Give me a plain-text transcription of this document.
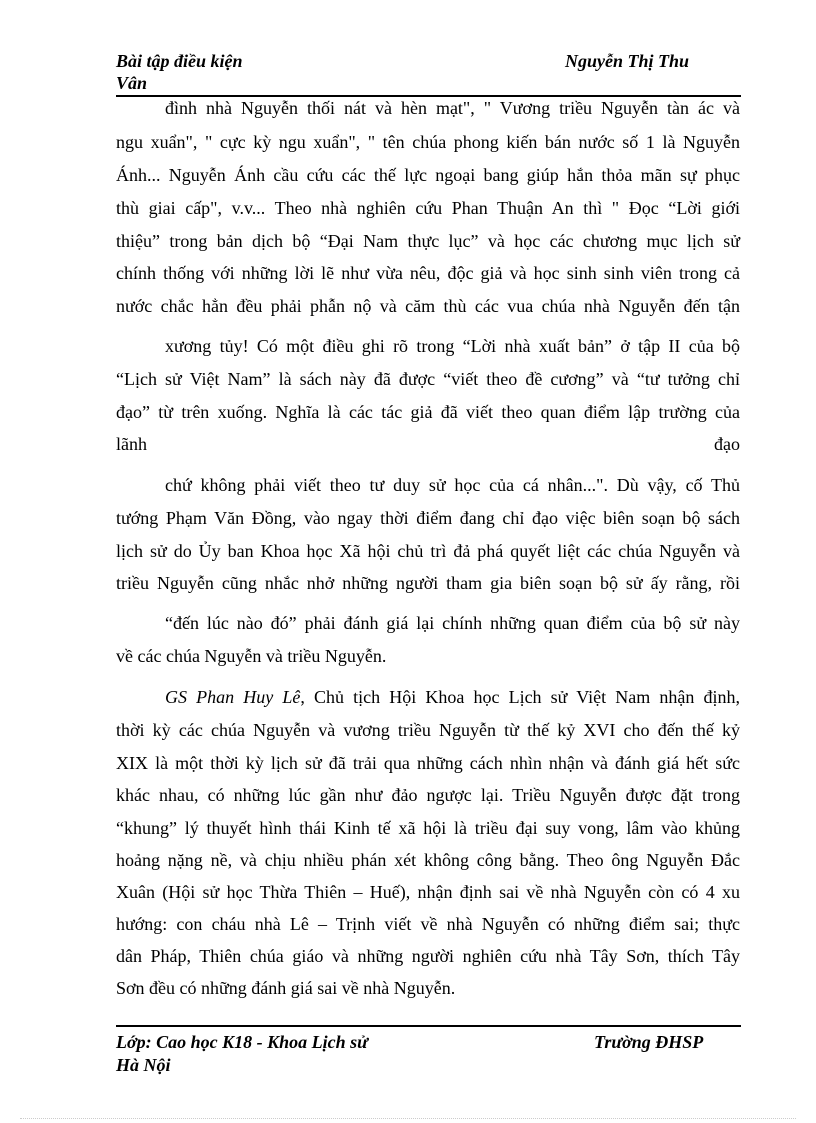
Bài tập điều kiện
Vân
Nguyễn Thị Thu
đình nhà Nguyễn thối nát và hèn mạt", " Vương triều Nguyễn tàn ác và
ngu xuẩn", " cực kỳ ngu xuẩn", " tên chúa phong kiến bán nước số 1 là Nguyễn
Ánh... Nguyễn Ánh cầu cứu các thế lực ngoại bang giúp hắn thỏa mãn sự phục
thù giai cấp", v.v... Theo nhà nghiên cứu Phan Thuận An thì " Đọc “Lời giới
thiệu” trong bản dịch bộ “Đại Nam thực lục” và học các chương mục lịch sử
chính thống với những lời lẽ như vừa nêu, độc giả và học sinh sinh viên trong cả
nước chắc hẳn đều phải phẫn nộ và căm thù các vua chúa nhà Nguyễn đến tận
xương tủy! Có một điều ghi rõ trong “Lời nhà xuất bản” ở tập II của bộ
“Lịch sử Việt Nam” là sách này đã được “viết theo đề cương” và “tư tưởng chỉ
đạo” từ trên xuống. Nghĩa là các tác giả đã viết theo quan điểm lập trường của
lãnh đạo
chứ không phải viết theo tư duy sử học của cá nhân...". Dù vậy, cố Thủ
tướng Phạm Văn Đồng, vào ngay thời điểm đang chỉ đạo việc biên soạn bộ sách
lịch sử do Ủy ban Khoa học Xã hội chủ trì đả phá quyết liệt các chúa Nguyễn và
triều Nguyễn cũng nhắc nhở những người tham gia biên soạn bộ sử ấy rằng, rồi
“đến lúc nào đó” phải đánh giá lại chính những quan điểm của bộ sử này
về các chúa Nguyễn và triều Nguyễn.
GS Phan Huy Lê, Chủ tịch Hội Khoa học Lịch sử Việt Nam nhận định,
thời kỳ các chúa Nguyễn và vương triều Nguyễn từ thế kỷ XVI cho đến thế kỷ
XIX là một thời kỳ lịch sử đã trải qua những cách nhìn nhận và đánh giá hết sức
khác nhau, có những lúc gần như đảo ngược lại. Triều Nguyễn được đặt trong
“khung” lý thuyết hình thái Kinh tế xã hội là triều đại suy vong, lâm vào khủng
hoảng nặng nề, và chịu nhiều phán xét không công bằng. Theo ông Nguyễn Đắc
Xuân (Hội sử học Thừa Thiên – Huế), nhận định sai về nhà Nguyễn còn có 4 xu
hướng: con cháu nhà Lê – Trịnh viết về nhà Nguyễn có những điểm sai; thực
dân Pháp, Thiên chúa giáo và những người nghiên cứu nhà Tây Sơn, thích Tây
Sơn đều có những đánh giá sai về nhà Nguyễn.
Lớp: Cao học K18 - Khoa Lịch sử
Hà Nội
Trường ĐHSP
